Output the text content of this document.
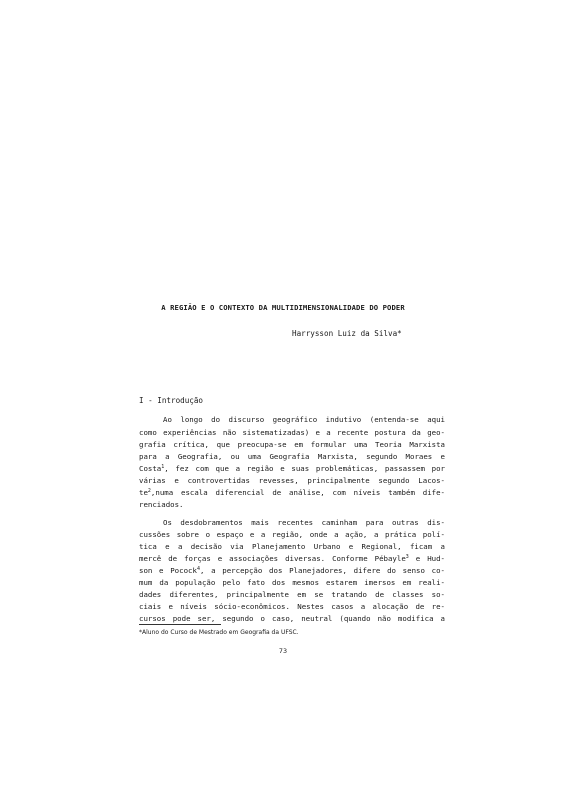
A REGIÃO E O CONTEXTO DA MULTIDIMENSIONALIDADE DO PODER
Harrysson Luiz da Silva*
I - Introdução
Ao longo do discurso geográfico indutivo (entenda-se aqui
como experiências não sistematizadas) e a recente postura da geo-
grafia crítica, que preocupa-se em formular uma Teoria Marxista
para a Geografia, ou uma Geografia Marxista, segundo Moraes e
Costa$^1$, fez com que a região e suas problemáticas, passassem por
várias e controvertidas revesses, principalmente segundo Lacos-
$te^2,numa$ escala diferencial de análise, com níveis também dife-
renciados.
Os desdobramentos mais recentes caminham para outras dis-
cussões sobre o espaço e a região, onde a ação, a prática polí-
tica e a decisão via Planejamento Urbano e Regional, ficam a
mercê de forças e associações diversas. Conforme Pébayle$^3$ e Hud-
son e Pocock$^4$, a percepção dos Planejadores, difere do senso co-
mum da população pelo fato dos mesmos estarem imersos em reali-
dades diferentes, principalmente em se tratando de classes so-
ciais e níveis sócio-econômicos. Nestes casos a alocação de re-
cursos pode ser, segundo o caso, neutral (quando não modifica a
*Aluno do Curso de Mestrado em Geografia da UFSC.
73
